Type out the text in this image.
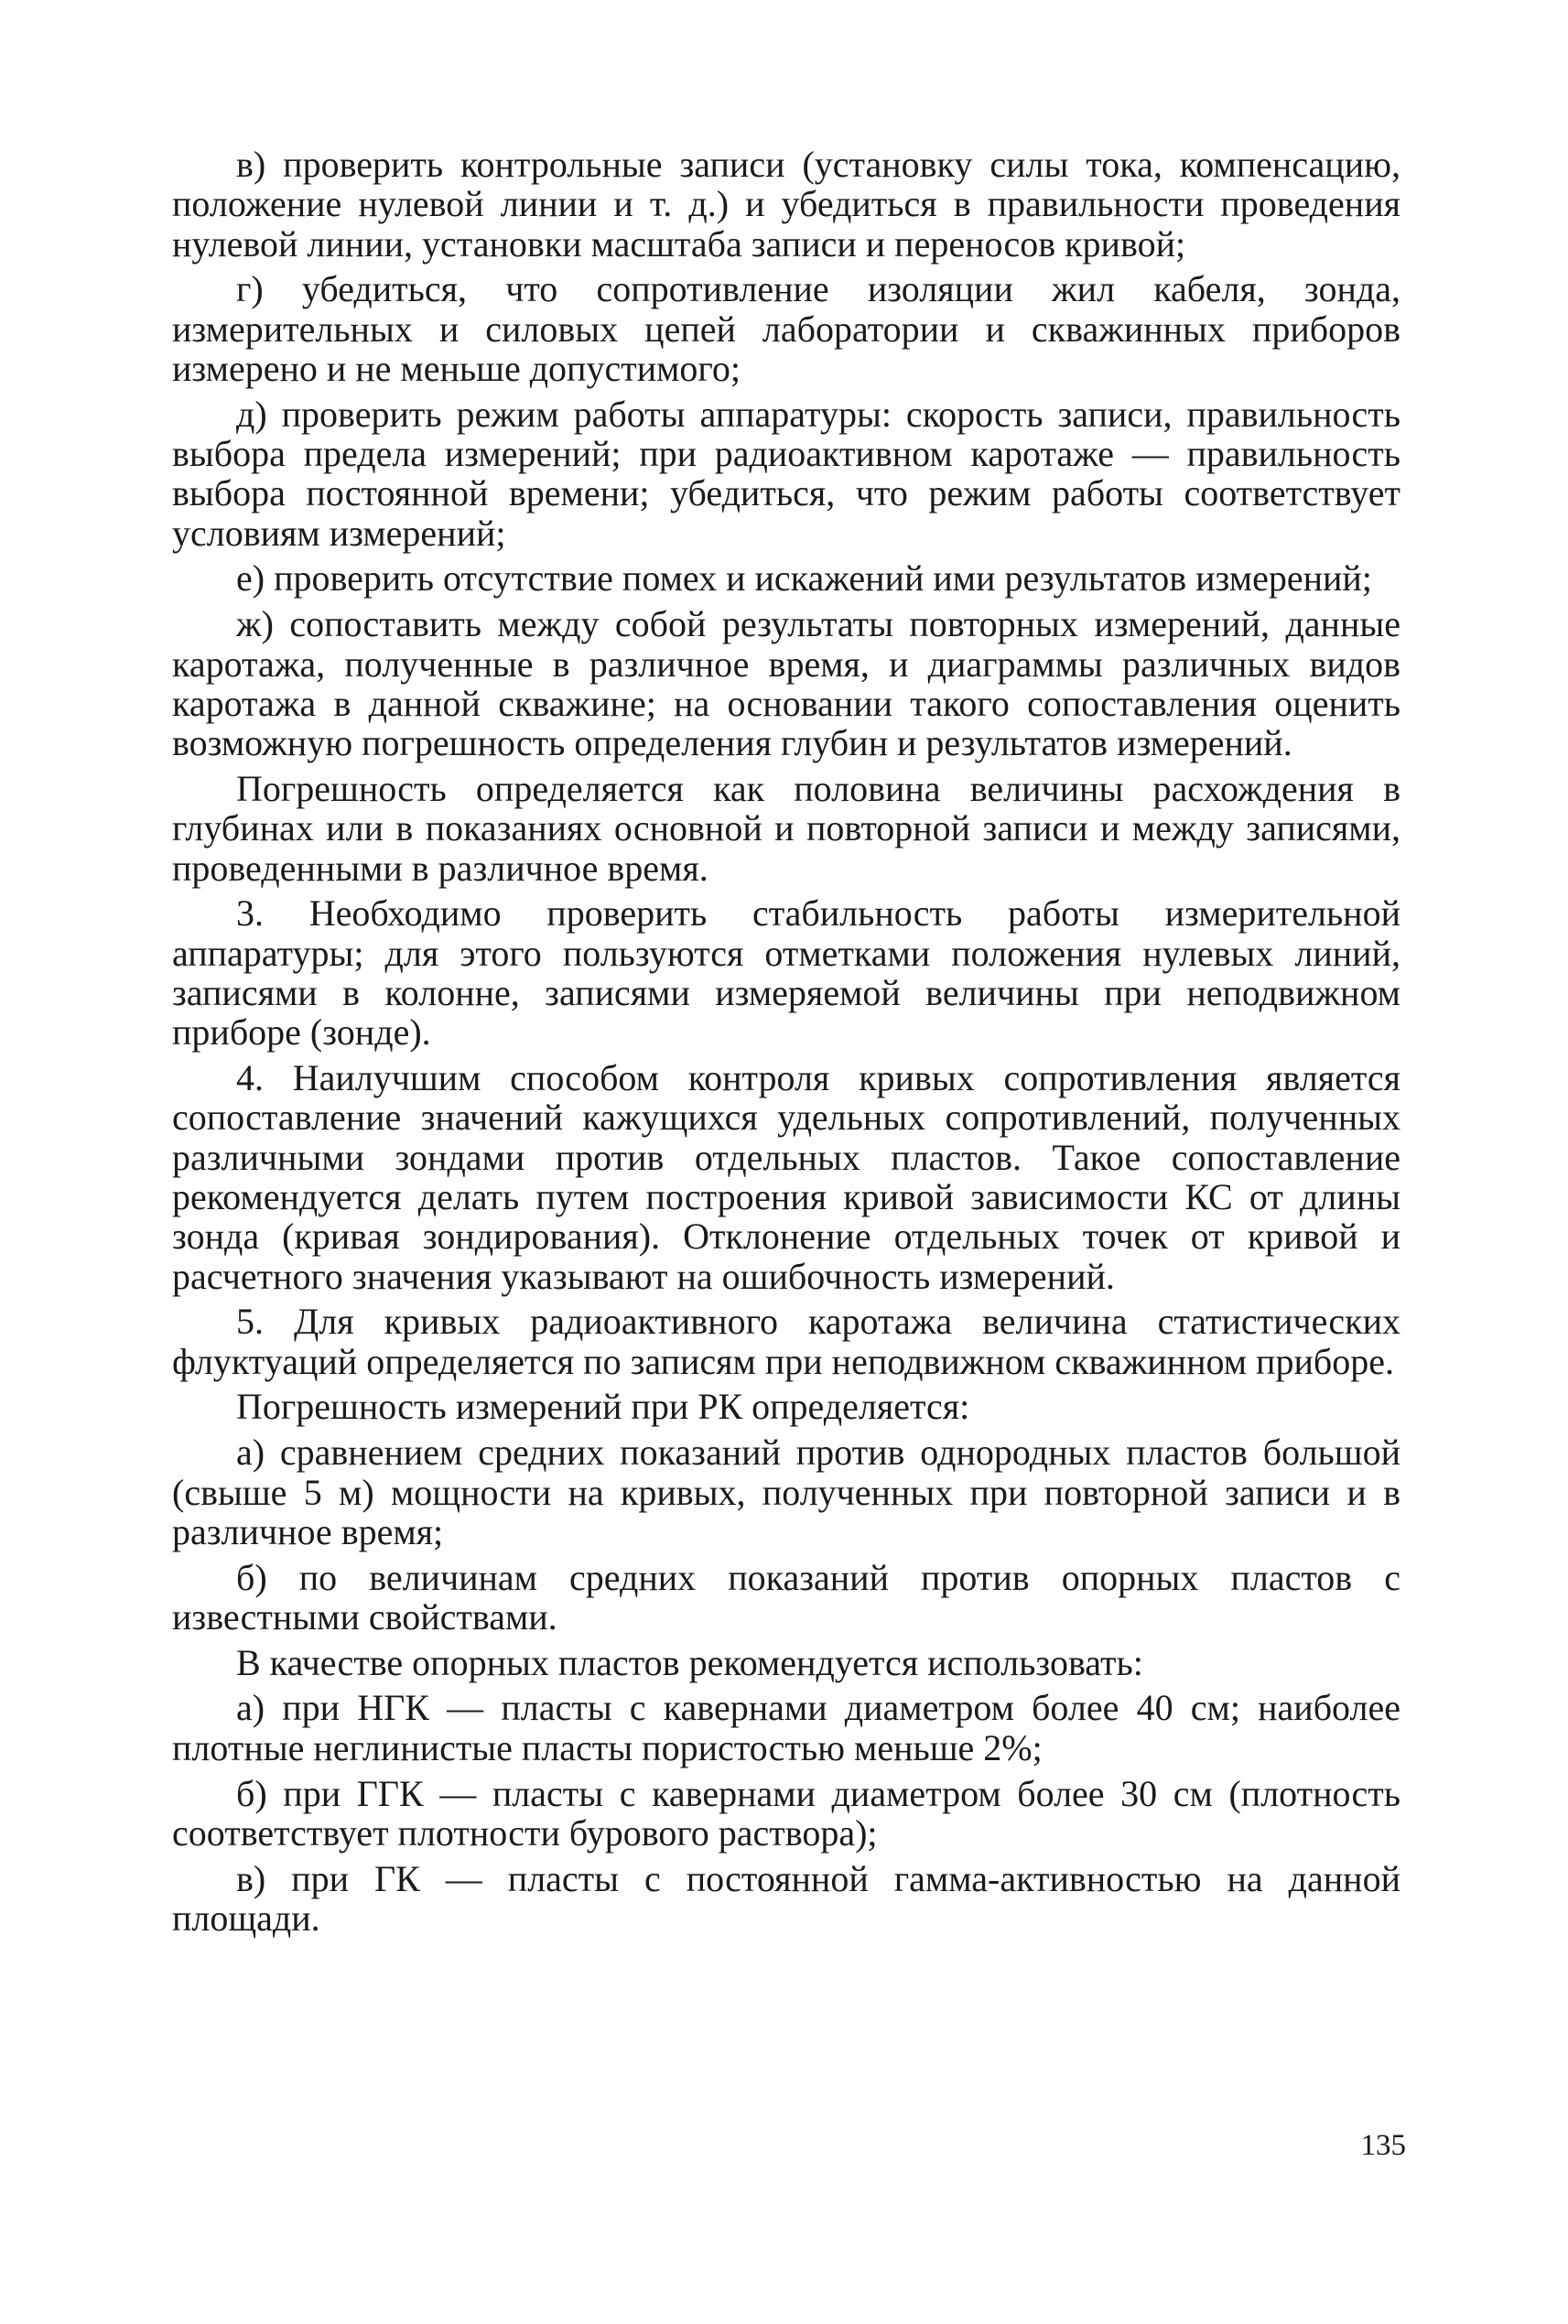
в) проверить контрольные записи (установку силы тока, компенсацию, положение нулевой линии и т. д.) и убедиться в правильности проведения нулевой линии, установки масштаба записи и переносов кривой;

г) убедиться, что сопротивление изоляции жил кабеля, зонда, измерительных и силовых цепей лаборатории и скважинных приборов измерено и не меньше допустимого;

д) проверить режим работы аппаратуры: скорость записи, правильность выбора предела измерений; при радиоактивном каротаже — правильность выбора постоянной времени; убедиться, что режим работы соответствует условиям измерений;

е) проверить отсутствие помех и искажений ими результатов измерений;

ж) сопоставить между собой результаты повторных измерений, данные каротажа, полученные в различное время, и диаграммы различных видов каротажа в данной скважине; на основании такого сопоставления оценить возможную погрешность определения глубин и результатов измерений.

Погрешность определяется как половина величины расхождения в глубинах или в показаниях основной и повторной записи и между записями, проведенными в различное время.

3. Необходимо проверить стабильность работы измерительной аппаратуры; для этого пользуются отметками положения нулевых линий, записями в колонне, записями измеряемой величины при неподвижном приборе (зонде).

4. Наилучшим способом контроля кривых сопротивления является сопоставление значений кажущихся удельных сопротивлений, полученных различными зондами против отдельных пластов. Такое сопоставление рекомендуется делать путем построения кривой зависимости КС от длины зонда (кривая зондирования). Отклонение отдельных точек от кривой и расчетного значения указывают на ошибочность измерений.

5. Для кривых радиоактивного каротажа величина статистических флуктуаций определяется по записям при неподвижном скважинном приборе.

Погрешность измерений при РК определяется:

а) сравнением средних показаний против однородных пластов большой (свыше 5 м) мощности на кривых, полученных при повторной записи и в различное время;

б) по величинам средних показаний против опорных пластов с известными свойствами.

В качестве опорных пластов рекомендуется использовать:

а) при НГК — пласты с кавернами диаметром более 40 см; наиболее плотные неглинистые пласты пористостью меньше 2%;

б) при ГГК — пласты с кавернами диаметром более 30 см (плотность соответствует плотности бурового раствора);

в) при ГК — пласты с постоянной гамма-активностью на данной площади.

135
